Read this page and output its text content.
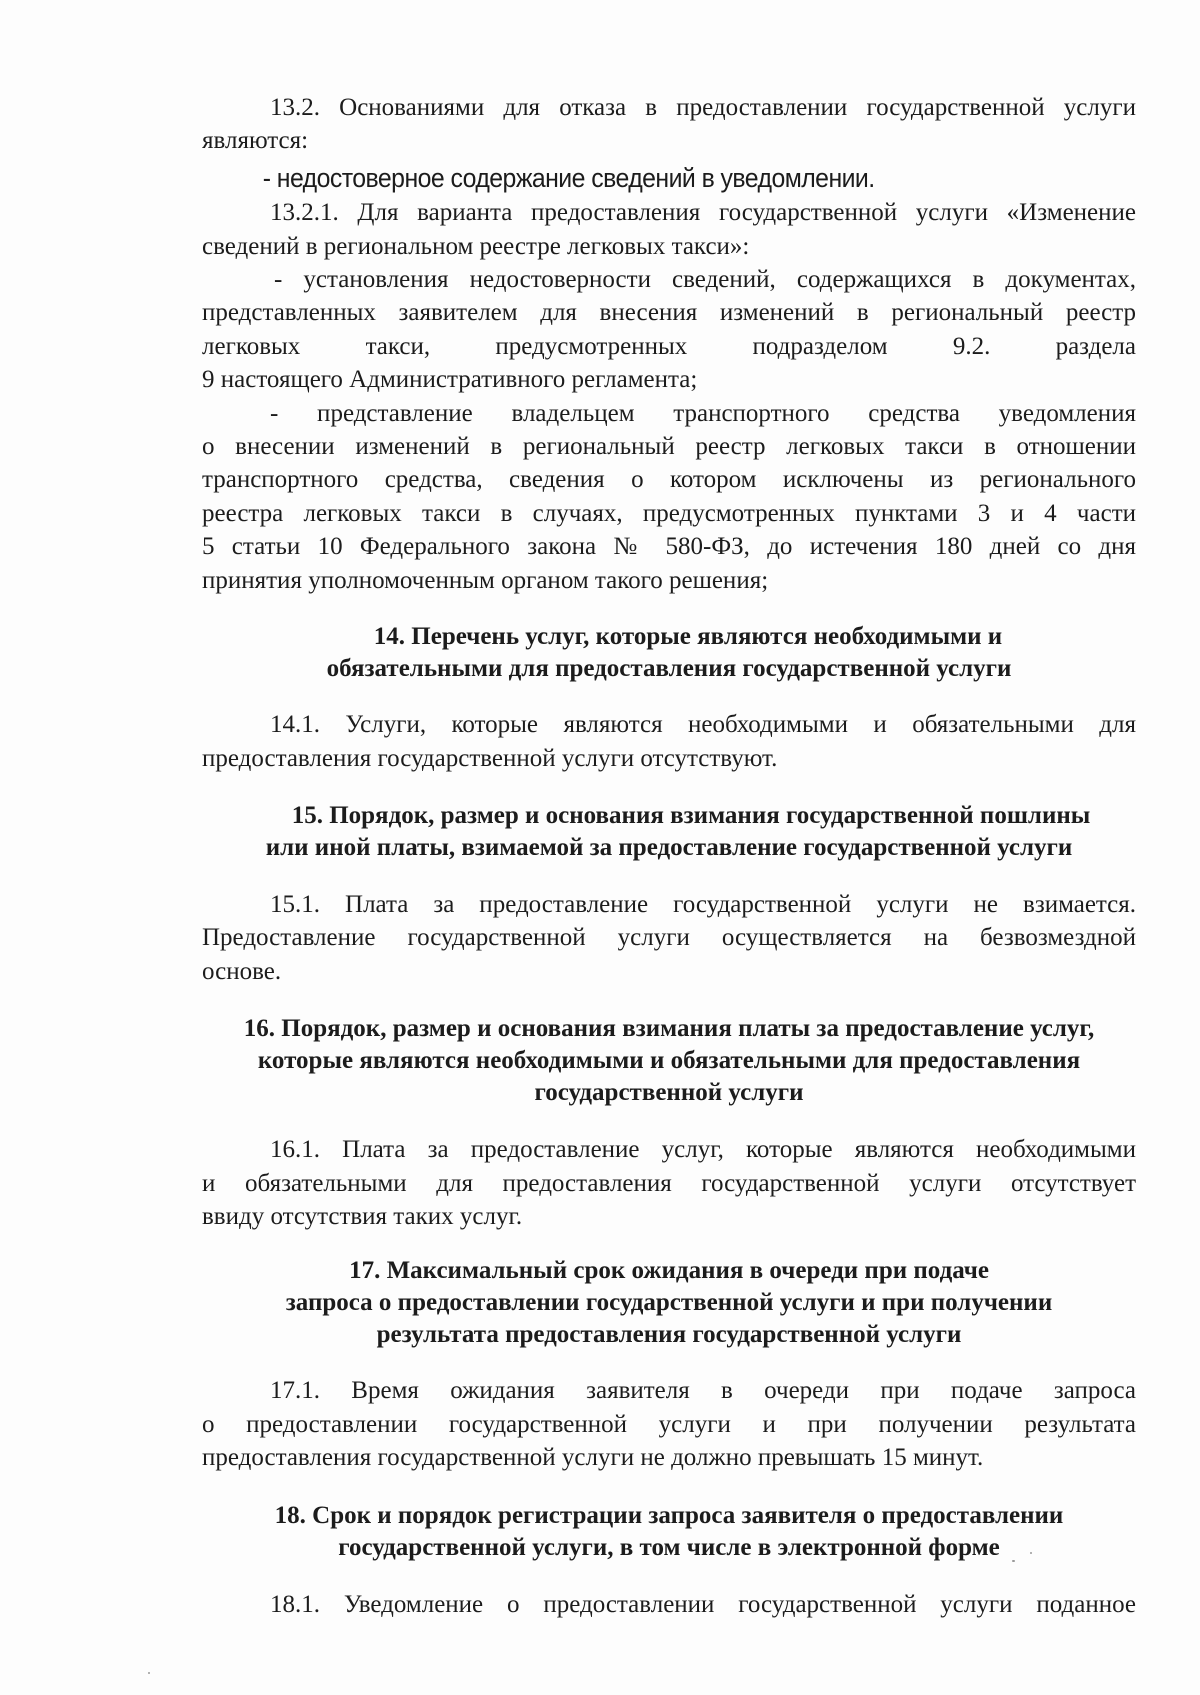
13.2. Основаниями для отказа в предоставлении государственной услуги
являются:

- недостоверное содержание сведений в уведомлении.

13.2.1. Для варианта предоставления государственной услуги «Изменение
сведений в региональном реестре легковых такси»:

- установления недостоверности сведений, содержащихся в документах,
представленных заявителем для внесения изменений в региональный реестр
легковых такси, предусмотренных подразделом 9.2. раздела
9 настоящего Административного регламента;

- представление владельцем транспортного средства уведомления
о внесении изменений в региональный реестр легковых такси в отношении
транспортного средства, сведения о котором исключены из регионального
реестра легковых такси в случаях, предусмотренных пунктами 3 и 4 части
5 статьи 10 Федерального закона № 580-ФЗ, до истечения 180 дней со дня
принятия уполномоченным органом такого решения;

14. Перечень услуг, которые являются необходимыми и
обязательными для предоставления государственной услуги

14.1. Услуги, которые являются необходимыми и обязательными для
предоставления государственной услуги отсутствуют.

15. Порядок, размер и основания взимания государственной пошлины
или иной платы, взимаемой за предоставление государственной услуги

15.1. Плата за предоставление государственной услуги не взимается.
Предоставление государственной услуги осуществляется на безвозмездной
основе.

16. Порядок, размер и основания взимания платы за предоставление услуг,
которые являются необходимыми и обязательными для предоставления
государственной услуги

16.1. Плата за предоставление услуг, которые являются необходимыми
и обязательными для предоставления государственной услуги отсутствует
ввиду отсутствия таких услуг.

17. Максимальный срок ожидания в очереди при подаче
запроса о предоставлении государственной услуги и при получении
результата предоставления государственной услуги

17.1. Время ожидания заявителя в очереди при подаче запроса
о предоставлении государственной услуги и при получении результата
предоставления государственной услуги не должно превышать 15 минут.

18. Срок и порядок регистрации запроса заявителя о предоставлении
государственной услуги, в том числе в электронной форме

18.1. Уведомление о предоставлении государственной услуги поданное
